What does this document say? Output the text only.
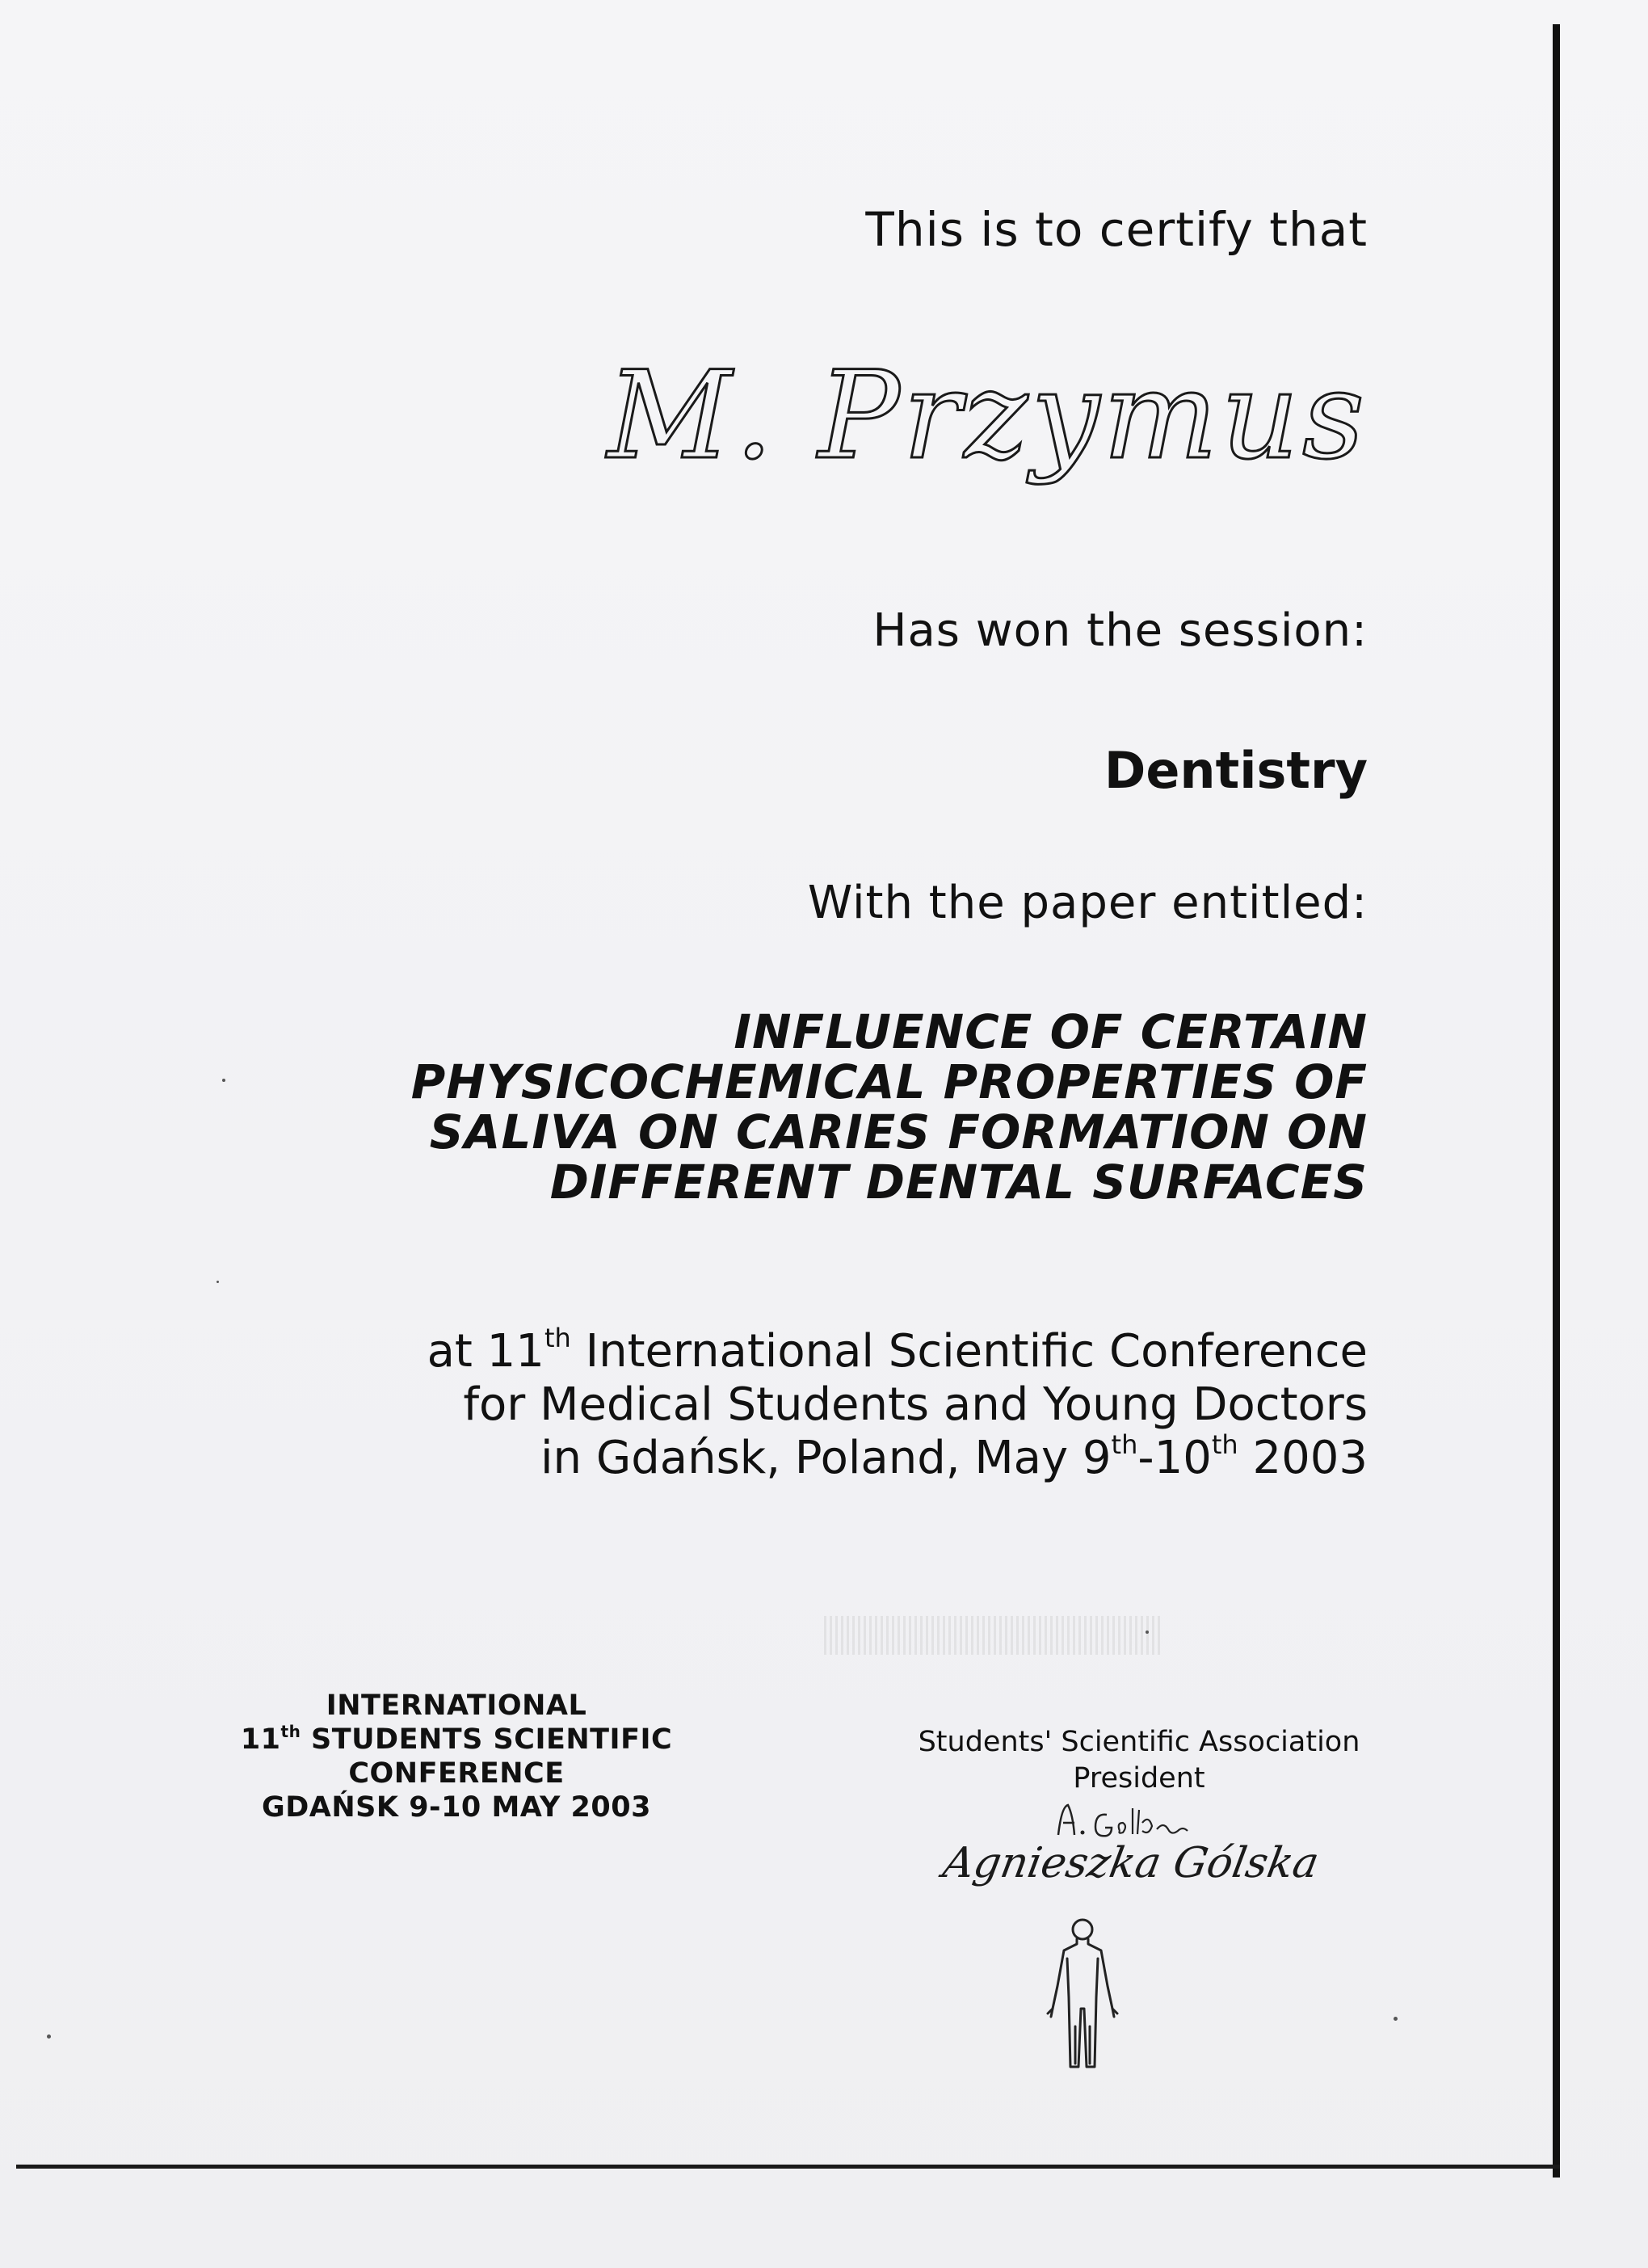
This is to certify that
M. Przymus
Has won the session:
Dentistry
With the paper entitled:
INFLUENCE OF CERTAIN
PHYSICOCHEMICAL PROPERTIES OF
SALIVA ON CARIES FORMATION ON
DIFFERENT DENTAL SURFACES
at 11th International Scientific Conference
for Medical Students and Young Doctors
in Gdańsk, Poland, May 9th-10th 2003
INTERNATIONAL
11th STUDENTS SCIENTIFIC
CONFERENCE
GDAŃSK 9-10 MAY 2003
Students' Scientific Association
President
Agnieszka Gólska
